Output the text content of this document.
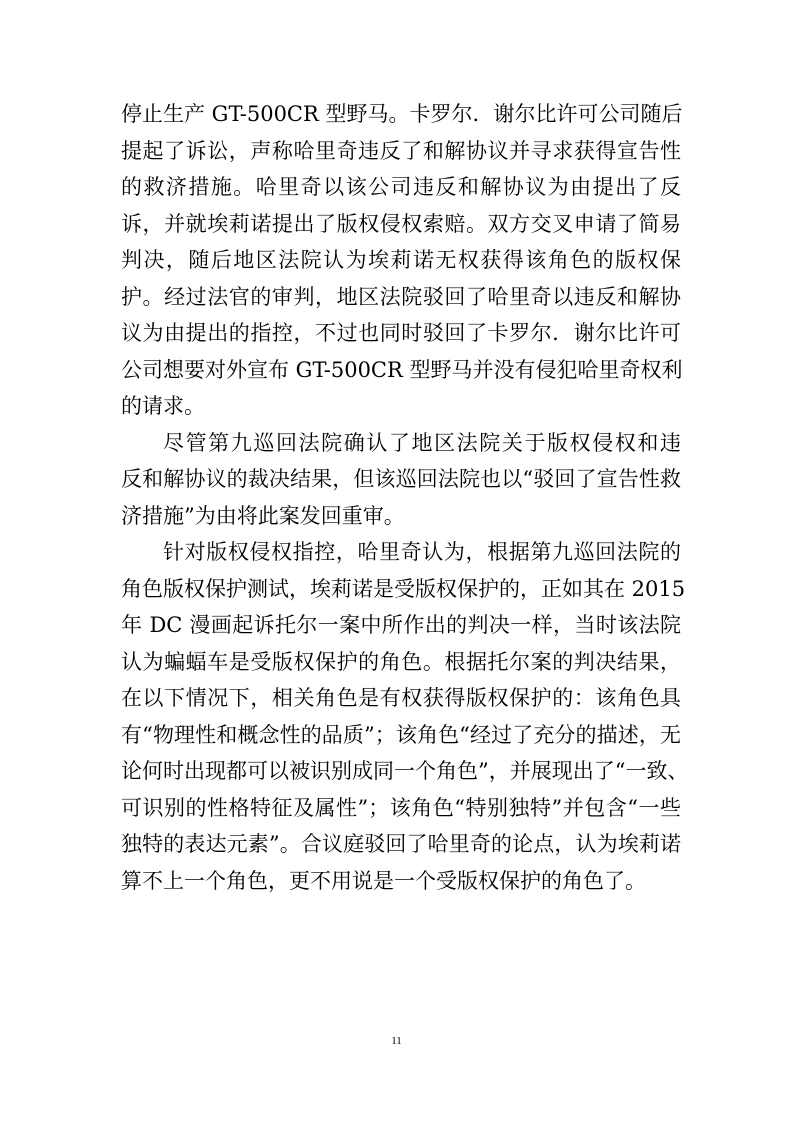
停止生产 GT-500CR 型野马。卡罗尔．谢尔比许可公司随后
提起了诉讼，声称哈里奇违反了和解协议并寻求获得宣告性
的救济措施。哈里奇以该公司违反和解协议为由提出了反
诉，并就埃莉诺提出了版权侵权索赔。双方交叉申请了简易
判决，随后地区法院认为埃莉诺无权获得该角色的版权保
护。经过法官的审判，地区法院驳回了哈里奇以违反和解协
议为由提出的指控，不过也同时驳回了卡罗尔．谢尔比许可
公司想要对外宣布 GT-500CR 型野马并没有侵犯哈里奇权利
的请求。
尽管第九巡回法院确认了地区法院关于版权侵权和违
反和解协议的裁决结果，但该巡回法院也以“驳回了宣告性救
济措施”为由将此案发回重审。
针对版权侵权指控，哈里奇认为，根据第九巡回法院的
角色版权保护测试，埃莉诺是受版权保护的，正如其在 2015
年 DC 漫画起诉托尔一案中所作出的判决一样，当时该法院
认为蝙蝠车是受版权保护的角色。根据托尔案的判决结果，
在以下情况下，相关角色是有权获得版权保护的：该角色具
有“物理性和概念性的品质”；该角色“经过了充分的描述，无
论何时出现都可以被识别成同一个角色”，并展现出了“一致、
可识别的性格特征及属性”；该角色“特别独特”并包含“一些
独特的表达元素”。合议庭驳回了哈里奇的论点，认为埃莉诺
算不上一个角色，更不用说是一个受版权保护的角色了。
11
